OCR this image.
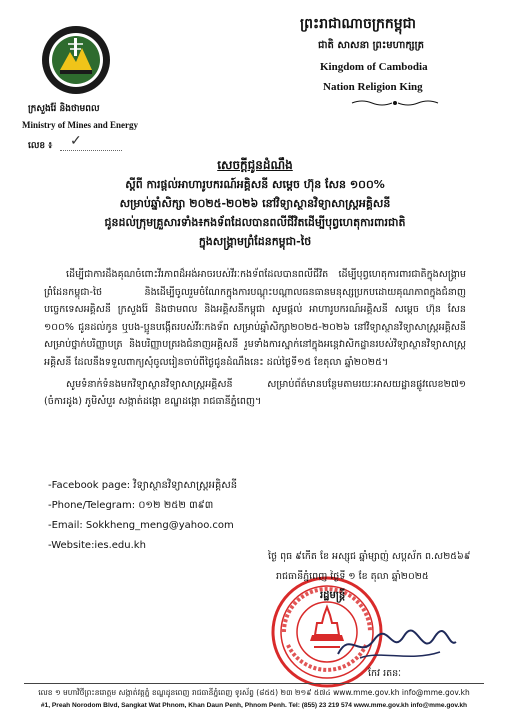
ក្រសួងរ៉ែ និងថាមពល
Ministry of Mines and Energy
លេខ ៖ ✓
ព្រះរាជាណាចក្រកម្ពុជា
ជាតិ សាសនា ព្រះមហាក្សត្រ
Kingdom of Cambodia
Nation Religion King
សេចក្តីជូនដំណឹង
ស្តីពី ការផ្តល់អាហារូបករណ៍អគ្គិសនី សម្តេច ហ៊ុន សែន ១០០%
សម្រាប់ឆ្នាំសិក្សា ២០២៥-២០២៦ នៅវិទ្យាស្ថានវិទ្យាសាស្ត្រអគ្គិសនី
ជូនដល់ក្រុមគ្រួសារទាំង៖កងទ័ពដែលបានពលីជីវិតដើម្បីបុព្វហេតុការពារជាតិ
ក្នុងសង្គ្រាមព្រំដែនកម្ពុជា-ថៃ

ដើម្បីជាការដឹងគុណចំពោះវីរភាពដ៏អង់អាចរបស់វីរៈកងទ័ពដែលបានពលីជីវិត ដើម្បីបុព្វហេតុការពារជាតិក្នុងសង្គ្រាមព្រំដែនកម្ពុជា-ថៃ និងដើម្បីចូលរួមចំណែកក្នុងការបណ្តុះបណ្តាលធនធានមនុស្សប្រកបដោយគុណភាពក្នុងជំនាញបច្ចេកទេសអគ្គិសនី ក្រសួងរ៉ែ និងថាមពល និងអគ្គិសនីកម្ពុជា សូមផ្តល់ អាហារូបករណ៍អគ្គិសនី សម្តេច ហ៊ុន សែន ១០០% ជូនដល់កូន ឬបង-ប្អូនបង្កើតរបស់វីរៈកងទ័ព សម្រាប់ឆ្នាំសិក្សា២០២៥-២០២៦ នៅវិទ្យាស្ថានវិទ្យាសាស្ត្រអគ្គិសនីសម្រាប់ថ្នាក់បរិញ្ញាបត្រ និងបរិញ្ញាបត្ររងជំនាញអគ្គិសនី រួមទាំងការស្នាក់នៅក្នុងអន្តេវាសិកដ្ឋានរបស់វិទ្យាស្ថានវិទ្យាសាស្ត្រអគ្គិសនី ដែលនឹងទទួលពាក្យសុំចូលរៀនចាប់ពីថ្ងៃជូនដំណឹងនេះ ដល់ថ្ងៃទី១៥ ខែតុលា ឆ្នាំ២០២៥។

សូមទំនាក់ទំនងមកវិទ្យាស្ថានវិទ្យាសាស្ត្រអគ្គិសនី សម្រាប់ព័ត៌មានបន្ថែមតាមរយៈអាសយដ្ឋានផ្លូវលេខ២៧១ (ចំការដូង) ភូមិសំបួរ សង្កាត់ដង្កោ ខណ្ឌដង្កោ រាជធានីភ្នំពេញ។

-Facebook page: វិទ្យាស្ថានវិទ្យាសាស្ត្រអគ្គិសនី
-Phone/Telegram: ០១២ ២៥២ ៣៩៣
-Email: Sokkheng_meng@yahoo.com
-Website:ies.edu.kh
ថ្ងៃ ពុធ ៩កើត ខែ អស្សុជ ឆ្នាំម្សាញ់ សប្តស័ក ព.ស២៥៦៩
រាជធានីភ្នំពេញ ថ្ងៃទី ១ ខែ តុលា ឆ្នាំ២០២៥
រដ្ឋមន្ត្រី
កែវ រតនៈ
លេខ ១ មហាវិថីព្រះនរោត្តម សង្កាត់វត្តភ្នំ ខណ្ឌដូនពេញ រាជធានីភ្នំពេញ ទូរស័ព្ទ (៨៥៥) ២៣ ២១៩ ៥៧៤ www.mme.gov.kh info@mme.gov.kh
#1, Preah Norodom Blvd, Sangkat Wat Phnom, Khan Daun Penh, Phnom Penh. Tel: (855) 23 219 574 www.mme.gov.kh info@mme.gov.kh
